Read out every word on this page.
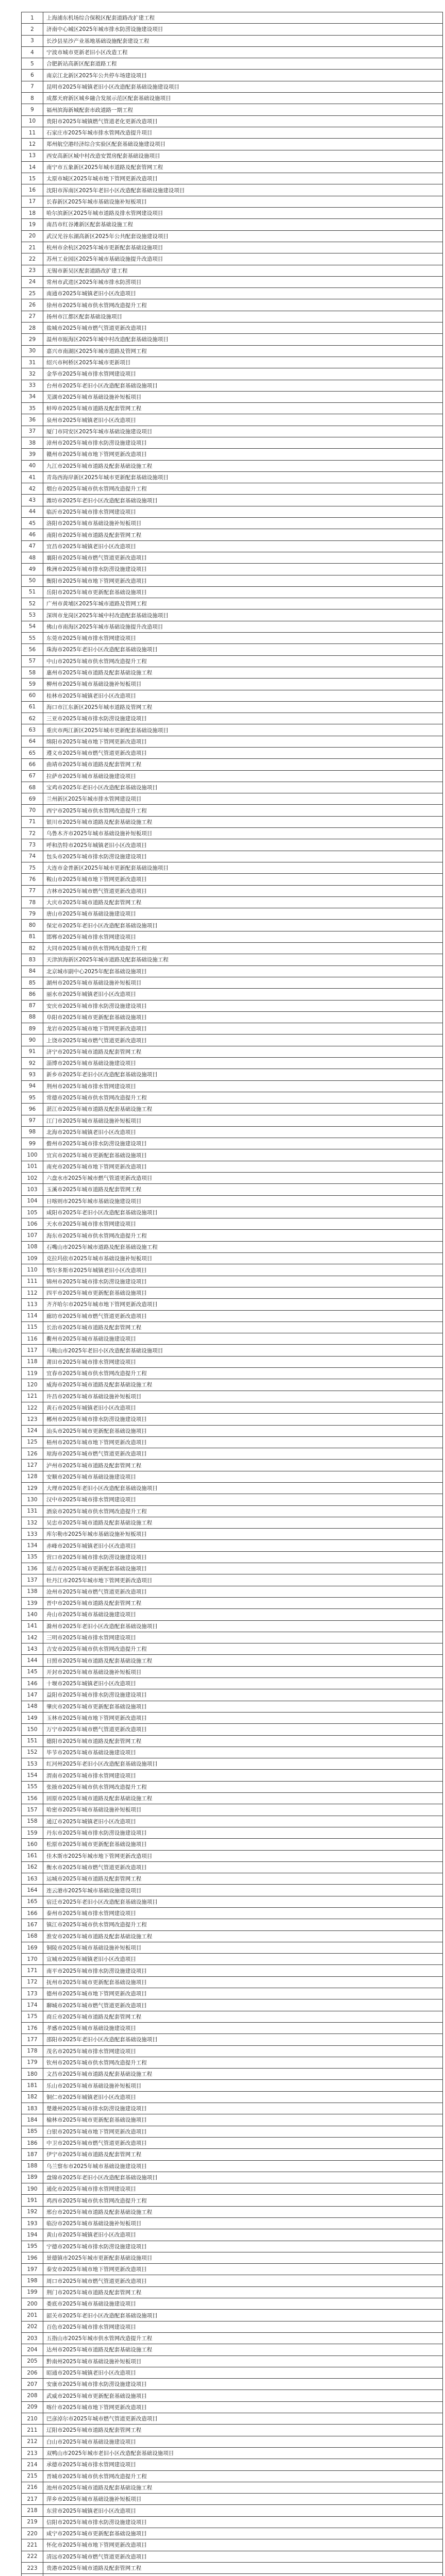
1	上海浦东机场综合保税区配套道路改扩建工程
2	济南中心城区2025年城市排水防涝设施建设项目
3	长沙县星沙产业基地基础设施配套建设工程
4	宁波市城市更新老旧小区改造工程
5	合肥新站高新区配套道路工程
6	南京江北新区2025年公共停车场建设项目
7	昆明市2025年城镇老旧小区改造配套基础设施建设项目
8	成都天府新区城乡融合发展示范区配套基础设施项目
9	福州滨海新城配套市政道路一期工程
10	贵阳市2025年城镇燃气管道老化更新改造项目
11	石家庄市2025年城市排水管网改造提升项目
12	郑州航空港经济综合实验区配套基础设施建设项目
13	西安高新区城中村改造安置房配套基础设施项目
14	南宁市五象新区2025年城市道路及配套管网工程
15	太原市城区2025年城市地下管网更新改造项目
16	沈阳市浑南区2025年老旧小区改造配套基础设施建设项目
17	长春新区2025年城市基础设施补短板项目
18	哈尔滨新区2025年城市道路及排水管网建设项目
19	南昌市红谷滩新区配套基础设施工程
20	武汉光谷东湖高新区2025年公共配套设施建设项目
21	杭州市余杭区2025年城市更新配套基础设施项目
22	苏州工业园区2025年城市基础设施提升改造项目
23	无锡市新吴区配套道路改扩建工程
24	常州市武进区2025年城市排水防涝项目
25	南通市2025年城镇老旧小区改造项目
26	徐州市2025年城市供水管网改造提升工程
27	扬州市江都区配套基础设施项目
28	盐城市2025年城市燃气管道更新改造项目
29	温州市瓯海区2025年城中村改造配套基础设施项目
30	嘉兴市南湖区2025年城市道路及管网工程
31	绍兴市柯桥区2025年城市更新项目
32	金华市2025年城市排水管网建设项目
33	台州市2025年老旧小区改造配套基础设施项目
34	芜湖市2025年城市基础设施补短板项目
35	蚌埠市2025年城市道路及配套管网工程
36	泉州市2025年城镇老旧小区改造项目
37	厦门市同安区2025年城市基础设施建设项目
38	漳州市2025年城市排水防涝设施建设项目
39	赣州市2025年城市地下管网更新改造项目
40	九江市2025年城市道路及配套基础设施工程
41	青岛西海岸新区2025年城市更新配套基础设施项目
42	烟台市2025年城市供水管网改造提升工程
43	潍坊市2025年老旧小区改造配套基础设施项目
44	临沂市2025年城市排水管网建设项目
45	洛阳市2025年城市基础设施补短板项目
46	南阳市2025年城市道路及配套管网工程
47	宜昌市2025年城镇老旧小区改造项目
48	襄阳市2025年城市燃气管道更新改造项目
49	株洲市2025年城市排水防涝设施建设项目
50	衡阳市2025年城市地下管网更新改造项目
51	岳阳市2025年城市更新配套基础设施项目
52	广州市黄埔区2025年城市道路及管网工程
53	深圳市龙岗区2025年城中村改造配套基础设施项目
54	佛山市南海区2025年城市基础设施提升改造项目
55	东莞市2025年城市排水管网建设项目
56	珠海市2025年老旧小区改造配套基础设施项目
57	中山市2025年城市供水管网改造提升工程
58	惠州市2025年城市道路及配套基础设施工程
59	柳州市2025年城市基础设施补短板项目
60	桂林市2025年城镇老旧小区改造项目
61	海口市江东新区2025年城市道路及管网工程
62	三亚市2025年城市排水防涝设施建设项目
63	重庆市两江新区2025年城市更新配套基础设施项目
64	绵阳市2025年城市地下管网更新改造项目
65	遵义市2025年城市燃气管道更新改造项目
66	曲靖市2025年城市道路及配套管网工程
67	拉萨市2025年城市基础设施建设项目
68	宝鸡市2025年老旧小区改造配套基础设施项目
69	兰州新区2025年城市排水管网建设项目
70	西宁市2025年城市供水管网改造提升工程
71	银川市2025年城市道路及配套基础设施工程
72	乌鲁木齐市2025年城市基础设施补短板项目
73	呼和浩特市2025年城镇老旧小区改造项目
74	包头市2025年城市排水防涝设施建设项目
75	大连市金普新区2025年城市更新配套基础设施项目
76	鞍山市2025年城市地下管网更新改造项目
77	吉林市2025年城市燃气管道更新改造项目
78	大庆市2025年城市道路及配套管网工程
79	唐山市2025年城市基础设施建设项目
80	保定市2025年老旧小区改造配套基础设施项目
81	邯郸市2025年城市排水管网建设项目
82	大同市2025年城市供水管网改造提升工程
83	天津滨海新区2025年城市道路及配套基础设施工程
84	北京城市副中心2025年配套基础设施项目
85	湖州市2025年城市基础设施补短板项目
86	丽水市2025年城镇老旧小区改造项目
87	安庆市2025年城市排水防涝设施建设项目
88	阜阳市2025年城市更新配套基础设施项目
89	龙岩市2025年城市地下管网更新改造项目
90	上饶市2025年城市燃气管道更新改造项目
91	济宁市2025年城市道路及配套管网工程
92	淄博市2025年城市基础设施建设项目
93	新乡市2025年老旧小区改造配套基础设施项目
94	荆州市2025年城市排水管网建设项目
95	常德市2025年城市供水管网改造提升工程
96	湛江市2025年城市道路及配套基础设施工程
97	江门市2025年城市基础设施补短板项目
98	北海市2025年城镇老旧小区改造项目
99	儋州市2025年城市排水防涝设施建设项目
100	宜宾市2025年城市更新配套基础设施项目
101	南充市2025年城市地下管网更新改造项目
102	六盘水市2025年城市燃气管道更新改造项目
103	玉溪市2025年城市道路及配套管网工程
104	日喀则市2025年城市基础设施建设项目
105	咸阳市2025年老旧小区改造配套基础设施项目
106	天水市2025年城市排水管网建设项目
107	海东市2025年城市供水管网改造提升工程
108	石嘴山市2025年城市道路及配套基础设施工程
109	克拉玛依市2025年城市基础设施补短板项目
110	鄂尔多斯市2025年城镇老旧小区改造项目
111	锦州市2025年城市排水防涝设施建设项目
112	四平市2025年城市更新配套基础设施项目
113	齐齐哈尔市2025年城市地下管网更新改造项目
114	廊坊市2025年城市燃气管道更新改造项目
115	长治市2025年城市道路及配套管网工程
116	衢州市2025年城市基础设施建设项目
117	马鞍山市2025年老旧小区改造配套基础设施项目
118	莆田市2025年城市排水管网建设项目
119	宜春市2025年城市供水管网改造提升工程
120	威海市2025年城市道路及配套基础设施工程
121	许昌市2025年城市基础设施补短板项目
122	黄石市2025年城镇老旧小区改造项目
123	郴州市2025年城市排水防涝设施建设项目
124	汕头市2025年城市更新配套基础设施项目
125	梧州市2025年城市地下管网更新改造项目
126	琼海市2025年城市燃气管道更新改造项目
127	泸州市2025年城市道路及配套管网工程
128	安顺市2025年城市基础设施建设项目
129	大理市2025年老旧小区改造配套基础设施项目
130	汉中市2025年城市排水管网建设项目
131	酒泉市2025年城市供水管网改造提升工程
132	吴忠市2025年城市道路及配套基础设施工程
133	库尔勒市2025年城市基础设施补短板项目
134	赤峰市2025年城镇老旧小区改造项目
135	营口市2025年城市排水防涝设施建设项目
136	延吉市2025年城市更新配套基础设施项目
137	牡丹江市2025年城市地下管网更新改造项目
138	沧州市2025年城市燃气管道更新改造项目
139	晋中市2025年城市道路及配套管网工程
140	舟山市2025年城市基础设施建设项目
141	滁州市2025年老旧小区改造配套基础设施项目
142	三明市2025年城市排水管网建设项目
143	吉安市2025年城市供水管网改造提升工程
144	日照市2025年城市道路及配套基础设施工程
145	开封市2025年城市基础设施补短板项目
146	十堰市2025年城镇老旧小区改造项目
147	益阳市2025年城市排水防涝设施建设项目
148	肇庆市2025年城市更新配套基础设施项目
149	玉林市2025年城市地下管网更新改造项目
150	万宁市2025年城市燃气管道更新改造项目
151	德阳市2025年城市道路及配套管网工程
152	毕节市2025年城市基础设施建设项目
153	红河州2025年老旧小区改造配套基础设施项目
154	渭南市2025年城市排水管网建设项目
155	张掖市2025年城市供水管网改造提升工程
156	固原市2025年城市道路及配套基础设施工程
157	哈密市2025年城市基础设施补短板项目
158	通辽市2025年城镇老旧小区改造项目
159	丹东市2025年城市排水防涝设施建设项目
160	松原市2025年城市更新配套基础设施项目
161	佳木斯市2025年城市地下管网更新改造项目
162	衡水市2025年城市燃气管道更新改造项目
163	运城市2025年城市道路及配套管网工程
164	连云港市2025年城市基础设施建设项目
165	宿迁市2025年老旧小区改造配套基础设施项目
166	泰州市2025年城市排水管网建设项目
167	镇江市2025年城市供水管网改造提升工程
168	淮安市2025年城市道路及配套基础设施工程
169	铜陵市2025年城市基础设施补短板项目
170	宣城市2025年城镇老旧小区改造项目
171	南平市2025年城市排水防涝设施建设项目
172	抚州市2025年城市更新配套基础设施项目
173	德州市2025年城市地下管网更新改造项目
174	聊城市2025年城市燃气管道更新改造项目
175	商丘市2025年城市道路及配套管网工程
176	孝感市2025年城市基础设施建设项目
177	邵阳市2025年老旧小区改造配套基础设施项目
178	茂名市2025年城市排水管网建设项目
179	钦州市2025年城市供水管网改造提升工程
180	文昌市2025年城市道路及配套基础设施工程
181	乐山市2025年城市基础设施补短板项目
182	铜仁市2025年城镇老旧小区改造项目
183	楚雄州2025年城市排水防涝设施建设项目
184	榆林市2025年城市更新配套基础设施项目
185	白银市2025年城市地下管网更新改造项目
186	中卫市2025年城市燃气管道更新改造项目
187	伊宁市2025年城市道路及配套管网工程
188	乌兰察布市2025年城市基础设施建设项目
189	盘锦市2025年老旧小区改造配套基础设施项目
190	通化市2025年城市排水管网建设项目
191	鸡西市2025年城市供水管网改造提升工程
192	邢台市2025年城市道路及配套基础设施工程
193	临汾市2025年城市基础设施补短板项目
194	黄山市2025年城镇老旧小区改造项目
195	宁德市2025年城市排水防涝设施建设项目
196	景德镇市2025年城市更新配套基础设施项目
197	泰安市2025年城市地下管网更新改造项目
198	周口市2025年城市燃气管道更新改造项目
199	荆门市2025年城市道路及配套管网工程
200	娄底市2025年城市基础设施建设项目
201	韶关市2025年老旧小区改造配套基础设施项目
202	百色市2025年城市排水管网建设项目
203	五指山市2025年城市供水管网改造提升工程
204	达州市2025年城市道路及配套基础设施工程
205	黔南州2025年城市基础设施补短板项目
206	昭通市2025年城镇老旧小区改造项目
207	安康市2025年城市排水防涝设施建设项目
208	武威市2025年城市更新配套基础设施项目
209	喀什市2025年城市地下管网更新改造项目
210	巴彦淖尔市2025年城市燃气管道更新改造项目
211	辽阳市2025年城市道路及配套管网工程
212	白山市2025年城市基础设施建设项目
213	双鸭山市2025年城市老旧小区改造配套基础设施项目
214	承德市2025年城市排水管网建设项目
215	晋城市2025年城市供水管网改造提升工程
216	池州市2025年城市道路及配套基础设施工程
217	萍乡市2025年城市基础设施补短板项目
218	东营市2025年城镇老旧小区改造项目
219	信阳市2025年城市排水防涝设施建设项目
220	咸宁市2025年城市更新配套基础设施项目
221	怀化市2025年城市地下管网更新改造项目
222	清远市2025年城市燃气管道更新改造项目
223	贵港市2025年城市道路及配套管网工程
